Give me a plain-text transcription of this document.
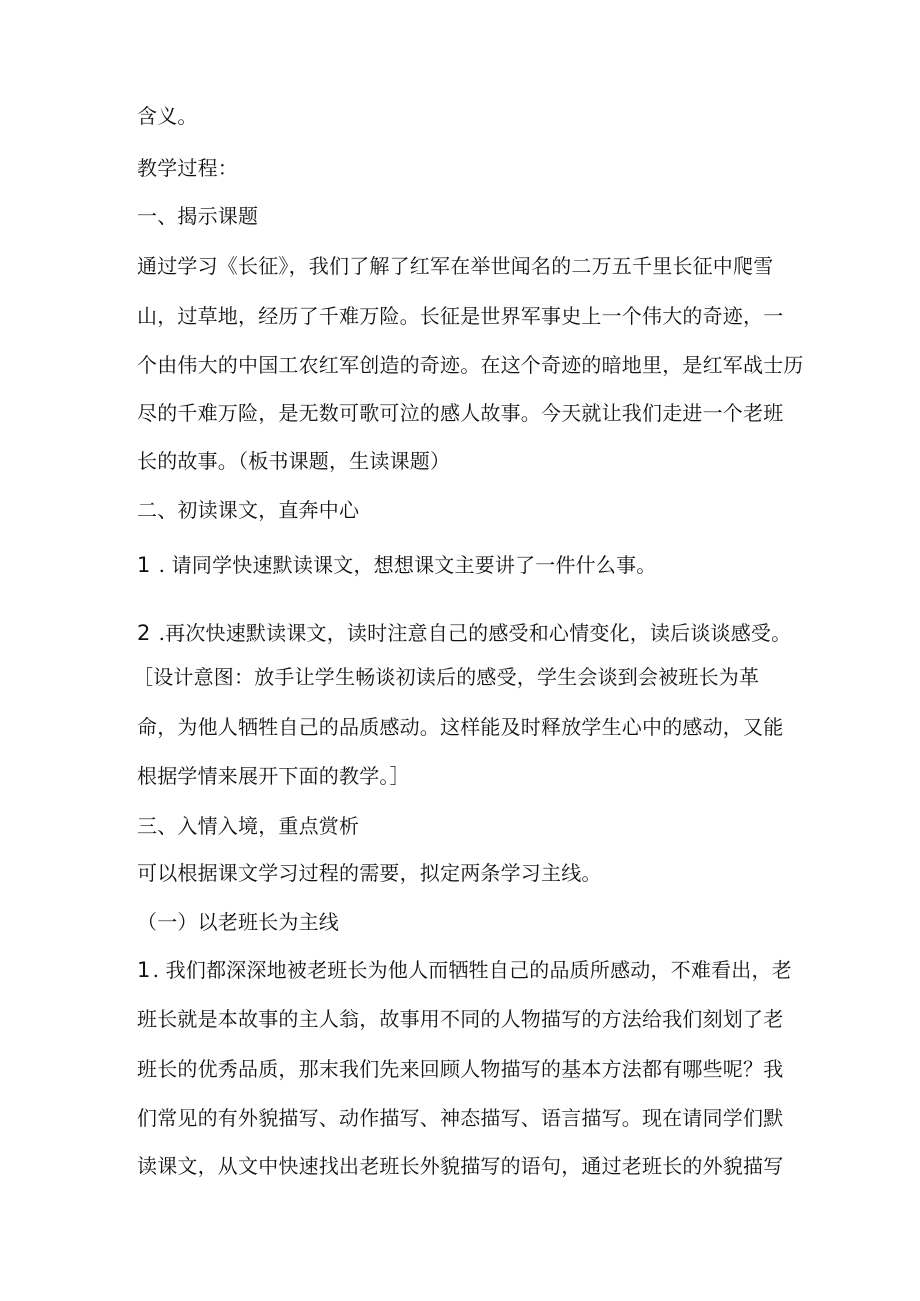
含义。
教学过程：
一、揭示课题
通过学习《长征》，我们了解了红军在举世闻名的二万五千里长征中爬雪
山，过草地，经历了千难万险。长征是世界军事史上一个伟大的奇迹，一
个由伟大的中国工农红军创造的奇迹。在这个奇迹的暗地里，是红军战士历
尽的千难万险，是无数可歌可泣的感人故事。今天就让我们走进一个老班
长的故事。（板书课题，生读课题）
二、初读课文，直奔中心
1 . 请同学快速默读课文，想想课文主要讲了一件什么事。
2 .再次快速默读课文，读时注意自己的感受和心情变化，读后谈谈感受。
［设计意图：放手让学生畅谈初读后的感受，学生会谈到会被班长为革
命，为他人牺牲自己的品质感动。这样能及时释放学生心中的感动，又能
根据学情来展开下面的教学。］
三、入情入境，重点赏析
可以根据课文学习过程的需要，拟定两条学习主线。
（一）以老班长为主线
1 . 我们都深深地被老班长为他人而牺牲自己的品质所感动，不难看出，老
班长就是本故事的主人翁，故事用不同的人物描写的方法给我们刻划了老
班长的优秀品质，那末我们先来回顾人物描写的基本方法都有哪些呢？我
们常见的有外貌描写、动作描写、神态描写、语言描写。现在请同学们默
读课文，从文中快速找出老班长外貌描写的语句，通过老班长的外貌描写
